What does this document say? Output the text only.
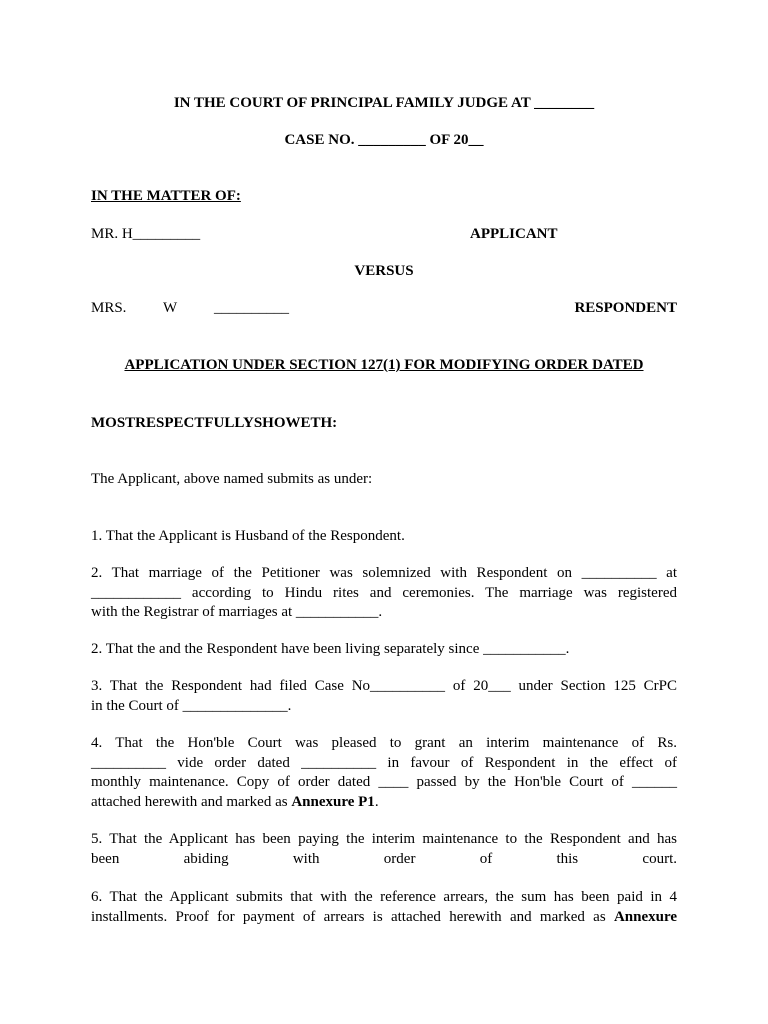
IN THE COURT OF PRINCIPAL FAMILY JUDGE AT ________
CASE NO. _________ OF 20__
IN THE MATTER OF:
MR. H_________	APPLICANT
VERSUS
MRS. W __________	RESPONDENT
APPLICATION UNDER SECTION 127(1) FOR MODIFYING ORDER DATED
MOSTRESPECTFULLYSHOWETH:
The Applicant, above named submits as under:
1. That the Applicant is Husband of the Respondent.
2. That marriage of the Petitioner was solemnized with Respondent on __________ at
____________ according to Hindu rites and ceremonies. The marriage was registered
with the Registrar of marriages at ___________.
2. That the and the Respondent have been living separately since ___________.
3. That the Respondent had filed Case No__________ of 20___ under Section 125 CrPC
in the Court of ______________.
4. That the Hon'ble Court was pleased to grant an interim maintenance of Rs.
__________ vide order dated __________ in favour of Respondent in the effect of
monthly maintenance. Copy of order dated ____ passed by the Hon'ble Court of ______
attached herewith and marked as Annexure P1.
5. That the Applicant has been paying the interim maintenance to the Respondent and has
been abiding with order of this court.
6. That the Applicant submits that with the reference arrears, the sum has been paid in 4
installments. Proof for payment of arrears is attached herewith and marked as Annexure
